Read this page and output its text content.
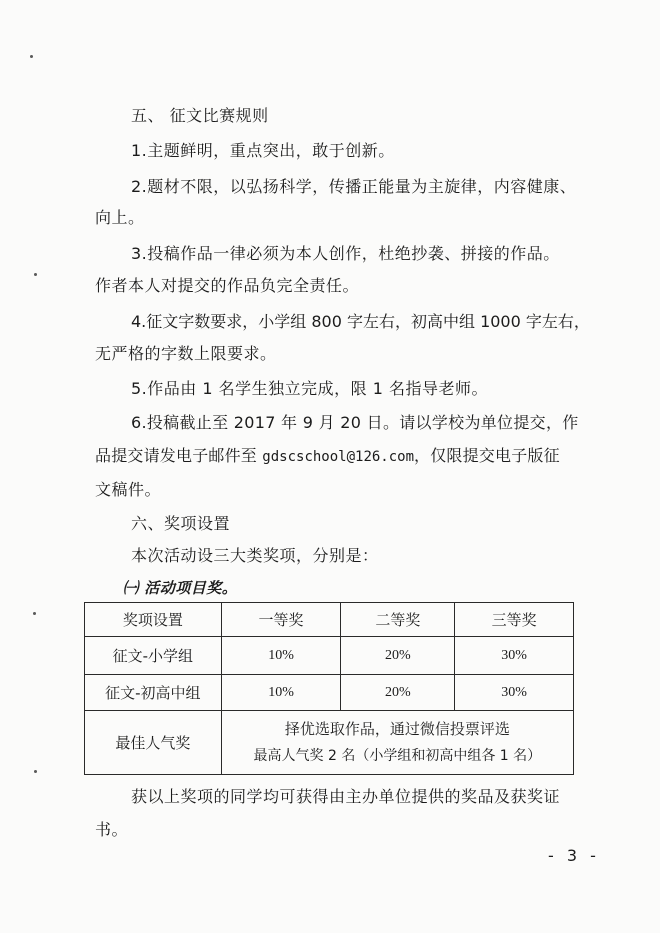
五、 征文比赛规则
1.主题鲜明，重点突出，敢于创新。
2.题材不限，以弘扬科学，传播正能量为主旋律，内容健康、
向上。
3.投稿作品一律必须为本人创作，杜绝抄袭、拼接的作品。
作者本人对提交的作品负完全责任。
4.征文字数要求，小学组 800 字左右，初高中组 1000 字左右，
无严格的字数上限要求。
5.作品由 1 名学生独立完成，限 1 名指导老师。
6.投稿截止至 2017 年 9 月 20 日。请以学校为单位提交，作
品提交请发电子邮件至 gdscschool@126.com，仅限提交电子版征
文稿件。
六、奖项设置
本次活动设三大类奖项，分别是：
㈠ 活动项目奖。
奖项设置	一等奖	二等奖	三等奖
征文-小学组	10%	20%	30%
征文-初高中组	10%	20%	30%
最佳人气奖	择优选取作品，通过微信投票评选
最高人气奖 2 名（小学组和初高中组各 1 名）		
获以上奖项的同学均可获得由主办单位提供的奖品及获奖证
书。
- 3 -
